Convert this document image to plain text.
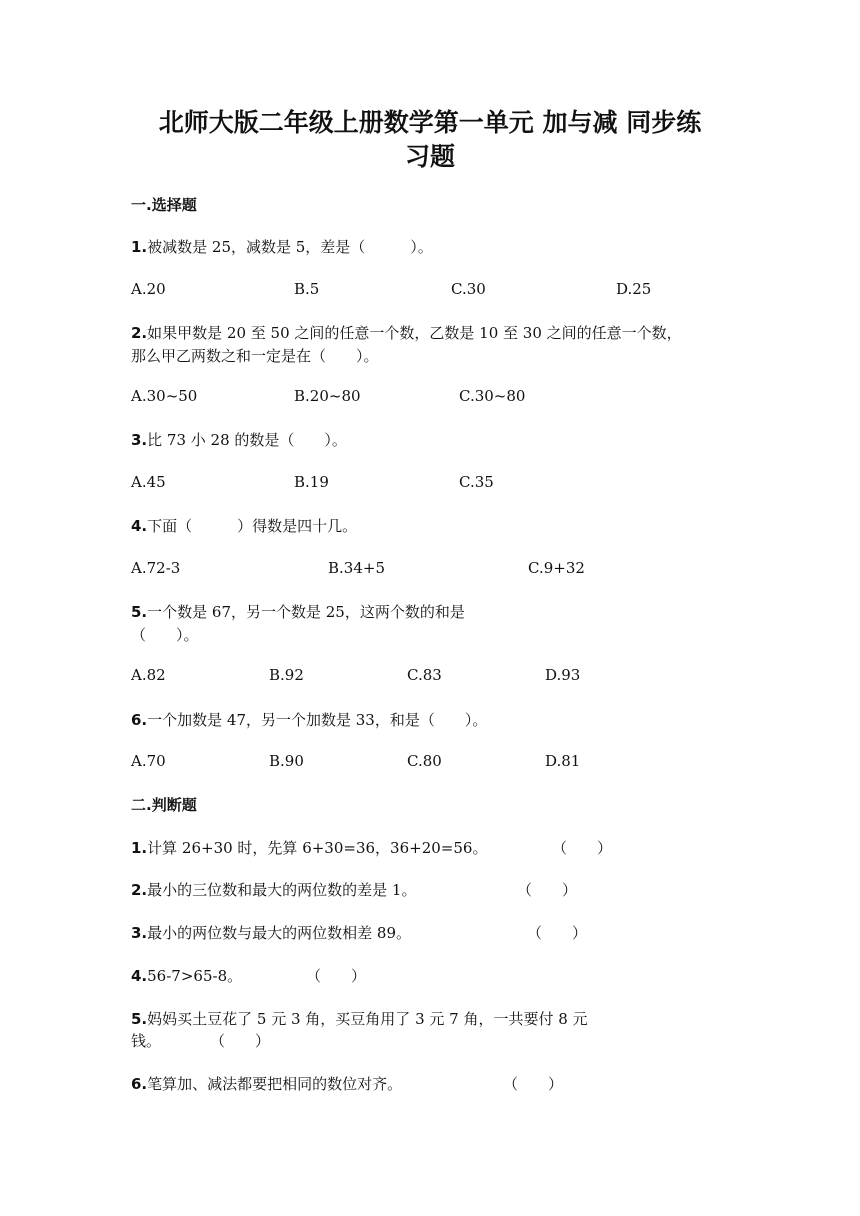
北师大版二年级上册数学第一单元 加与减 同步练
习题
一.选择题
1.被减数是 25，减数是 5，差是（　　　）。
A.20	B.5	C.30	D.25
2.如果甲数是 20 至 50 之间的任意一个数，乙数是 10 至 30 之间的任意一个数，
那么甲乙两数之和一定是在（　　）。
A.30~50	B.20~80	C.30~80
3.比 73 小 28 的数是（　　）。
A.45	B.19	C.35
4.下面（　　　）得数是四十几。
A.72-3	B.34+5	C.9+32
5.一个数是 67，另一个数是 25，这两个数的和是
（　　）。
A.82	B.92	C.83	D.93
6.一个加数是 47，另一个加数是 33，和是（　　）。
A.70	B.90	C.80	D.81
二.判断题
1.计算 26+30 时，先算 6+30=36，36+20=56。	（　　）
2.最小的三位数和最大的两位数的差是 1。	（　　）
3.最小的两位数与最大的两位数相差 89。	（　　）
4.56-7>65-8。	（　　）
5.妈妈买土豆花了 5 元 3 角，买豆角用了 3 元 7 角，一共要付 8 元
钱。	（　　）
6.笔算加、减法都要把相同的数位对齐。	（　　）
